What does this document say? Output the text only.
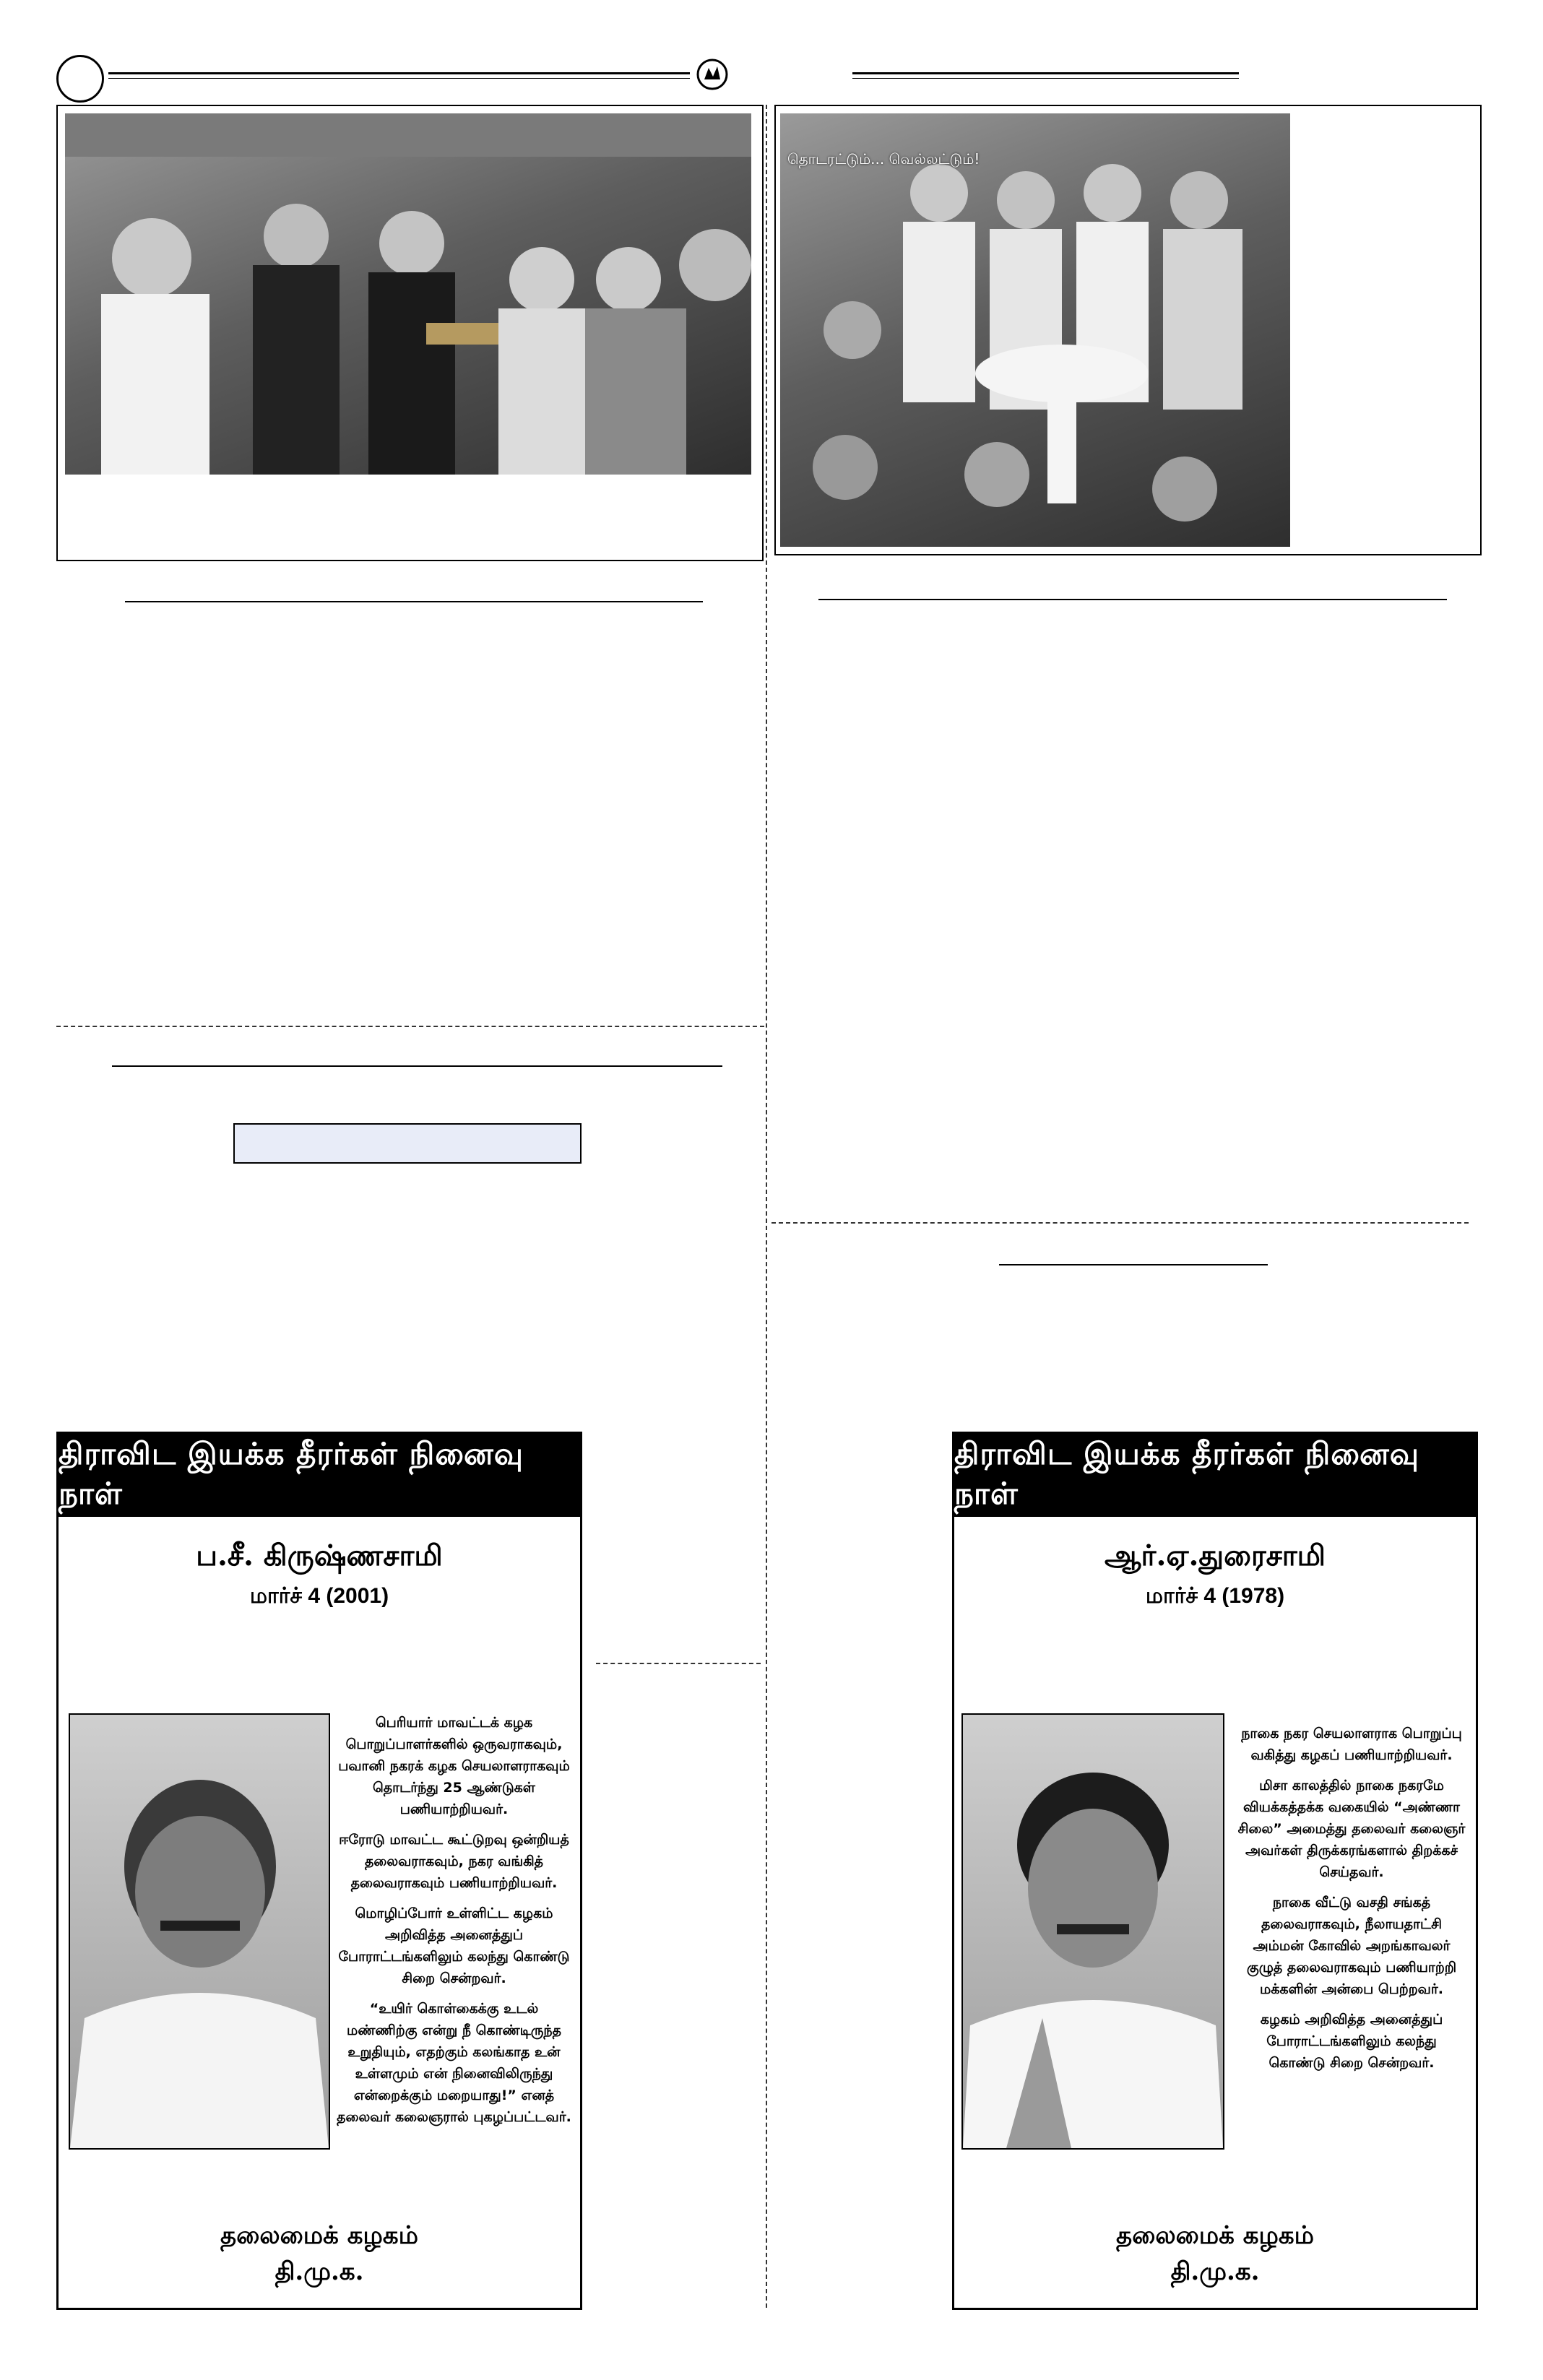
தொடரட்டும்... வெல்லட்டும்!
திராவிட இயக்க தீரர்கள் நினைவு நாள்
ப.சீ. கிருஷ்ணசாமி
மார்ச் 4 (2001)

பெரியார் மாவட்டக் கழக பொறுப்பாளர்களில் ஒருவராகவும், பவானி நகரக் கழக செயலாளராகவும் தொடர்ந்து 25 ஆண்டுகள் பணியாற்றியவர்.

ஈரோடு மாவட்ட கூட்டுறவு ஒன்றியத் தலைவராகவும், நகர வங்கித் தலைவராகவும் பணியாற்றியவர்.

மொழிப்போர் உள்ளிட்ட கழகம் அறிவித்த அனைத்துப் போராட்டங்களிலும் கலந்து கொண்டு சிறை சென்றவர்.

“உயிர் கொள்கைக்கு உடல் மண்ணிற்கு என்று நீ கொண்டிருந்த உறுதியும், எதற்கும் கலங்காத உன் உள்ளமும் என் நினைவிலிருந்து என்றைக்கும் மறையாது!” எனத் தலைவர் கலைஞரால் புகழப்பட்டவர்.

தலைமைக் கழகம்
தி.மு.க.
திராவிட இயக்க தீரர்கள் நினைவு நாள்
ஆர்.ஏ.துரைசாமி
மார்ச் 4 (1978)

நாகை நகர செயலாளராக பொறுப்பு வகித்து கழகப் பணியாற்றியவர்.

மிசா காலத்தில் நாகை நகரமே வியக்கத்தக்க வகையில் “அண்ணா சிலை” அமைத்து தலைவர் கலைஞர் அவர்கள் திருக்கரங்களால் திறக்கச் செய்தவர்.

நாகை வீட்டு வசதி சங்கத் தலைவராகவும், நீலாயதாட்சி அம்மன் கோவில் அறங்காவலர் குழுத் தலைவராகவும் பணியாற்றி மக்களின் அன்பை பெற்றவர்.

கழகம் அறிவித்த அனைத்துப் போராட்டங்களிலும் கலந்து கொண்டு சிறை சென்றவர்.

தலைமைக் கழகம்
தி.மு.க.
